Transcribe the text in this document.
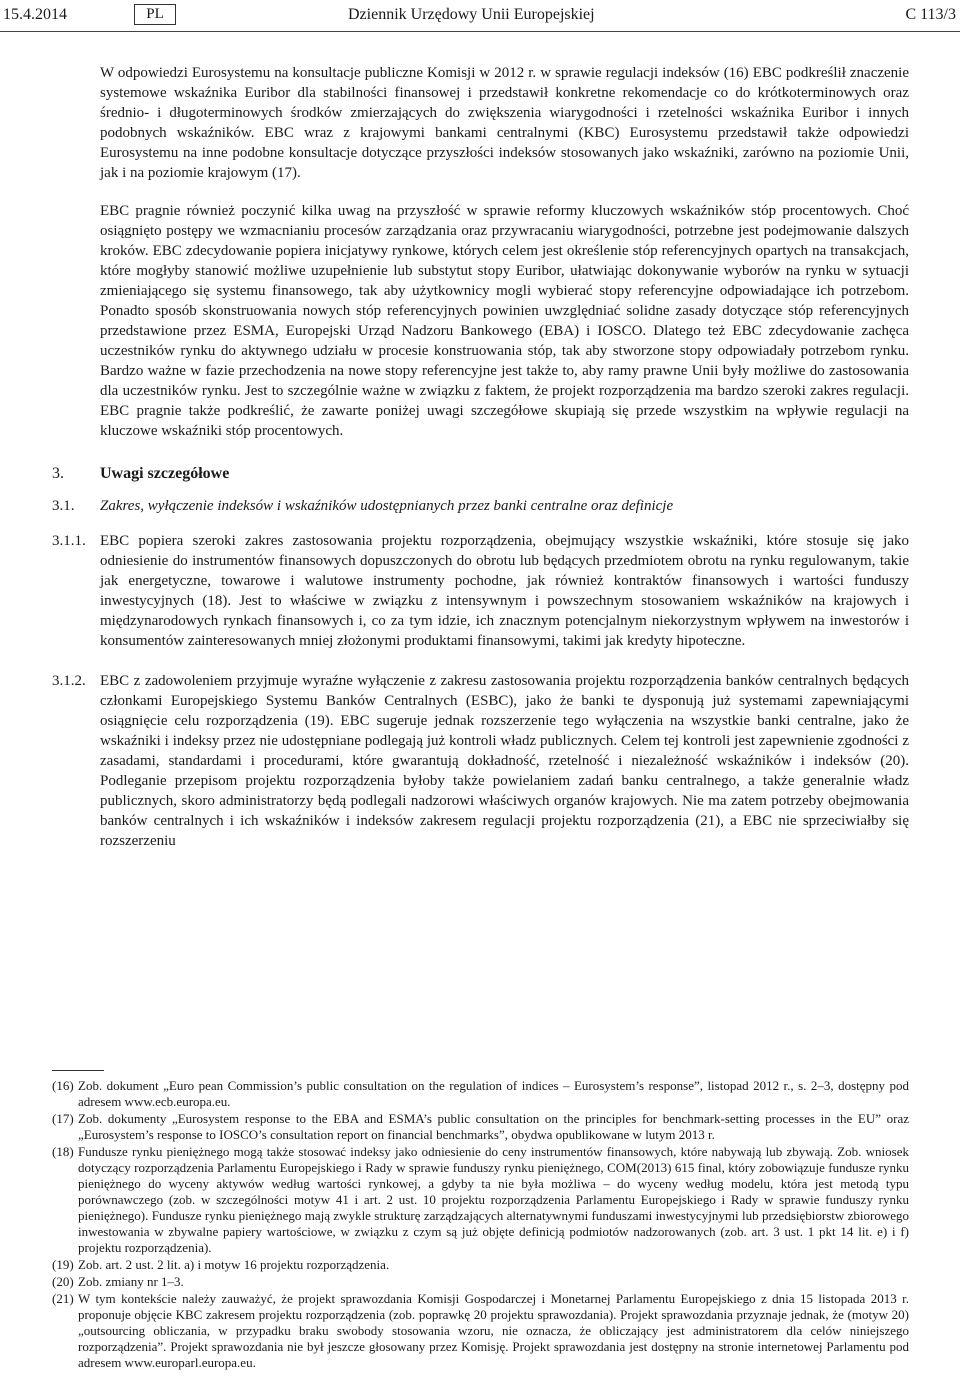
15.4.2014	PL	Dziennik Urzędowy Unii Europejskiej	C 113/3

W odpowiedzi Eurosystemu na konsultacje publiczne Komisji w 2012 r. w sprawie regulacji indeksów (16) EBC podkreślił znaczenie systemowe wskaźnika Euribor dla stabilności finansowej i przedstawił konkretne rekomendacje co do krótkoterminowych oraz średnio- i długoterminowych środków zmierzających do zwiększenia wiarygodności i rzetelności wskaźnika Euribor i innych podobnych wskaźników. EBC wraz z krajowymi bankami centralnymi (KBC) Eurosystemu przedstawił także odpowiedzi Eurosystemu na inne podobne konsultacje dotyczące przyszłości indeksów stosowanych jako wskaźniki, zarówno na poziomie Unii, jak i na poziomie krajowym (17).

EBC pragnie również poczynić kilka uwag na przyszłość w sprawie reformy kluczowych wskaźników stóp procentowych. Choć osiągnięto postępy we wzmacnianiu procesów zarządzania oraz przywracaniu wiarygodności, potrzebne jest podejmowanie dalszych kroków. EBC zdecydowanie popiera inicjatywy rynkowe, których celem jest określenie stóp referencyjnych opartych na transakcjach, które mogłyby stanowić możliwe uzupełnienie lub substytut stopy Euribor, ułatwiając dokonywanie wyborów na rynku w sytuacji zmieniającego się systemu finansowego, tak aby użytkownicy mogli wybierać stopy referencyjne odpowiadające ich potrzebom. Ponadto sposób skonstruowania nowych stóp referencyjnych powinien uwzględniać solidne zasady dotyczące stóp referencyjnych przedstawione przez ESMA, Europejski Urząd Nadzoru Bankowego (EBA) i IOSCO. Dlatego też EBC zdecydowanie zachęca uczestników rynku do aktywnego udziału w procesie konstruowania stóp, tak aby stworzone stopy odpowiadały potrzebom rynku. Bardzo ważne w fazie przechodzenia na nowe stopy referencyjne jest także to, aby ramy prawne Unii były możliwe do zastosowania dla uczestników rynku. Jest to szczególnie ważne w związku z faktem, że projekt rozporządzenia ma bardzo szeroki zakres regulacji. EBC pragnie także podkreślić, że zawarte poniżej uwagi szczegółowe skupiają się przede wszystkim na wpływie regulacji na kluczowe wskaźniki stóp procentowych.

3. Uwagi szczegółowe
3.1. Zakres, wyłączenie indeksów i wskaźników udostępnianych przez banki centralne oraz definicje
3.1.1. EBC popiera szeroki zakres zastosowania projektu rozporządzenia, obejmujący wszystkie wskaźniki, które stosuje się jako odniesienie do instrumentów finansowych dopuszczonych do obrotu lub będących przedmiotem obrotu na rynku regulowanym, takie jak energetyczne, towarowe i walutowe instrumenty pochodne, jak również kontraktów finansowych i wartości funduszy inwestycyjnych (18). Jest to właściwe w związku z intensywnym i powszechnym stosowaniem wskaźników na krajowych i międzynarodowych rynkach finansowych i, co za tym idzie, ich znacznym potencjalnym niekorzystnym wpływem na inwestorów i konsumentów zainteresowanych mniej złożonymi produktami finansowymi, takimi jak kredyty hipoteczne.
3.1.2. EBC z zadowoleniem przyjmuje wyraźne wyłączenie z zakresu zastosowania projektu rozporządzenia banków centralnych będących członkami Europejskiego Systemu Banków Centralnych (ESBC), jako że banki te dysponują już systemami zapewniającymi osiągnięcie celu rozporządzenia (19). EBC sugeruje jednak rozszerzenie tego wyłączenia na wszystkie banki centralne, jako że wskaźniki i indeksy przez nie udostępniane podlegają już kontroli władz publicznych. Celem tej kontroli jest zapewnienie zgodności z zasadami, standardami i procedurami, które gwarantują dokładność, rzetelność i niezależność wskaźników i indeksów (20). Podleganie przepisom projektu rozporządzenia byłoby także powielaniem zadań banku centralnego, a także generalnie władz publicznych, skoro administratorzy będą podlegali nadzorowi właściwych organów krajowych. Nie ma zatem potrzeby obejmowania banków centralnych i ich wskaźników i indeksów zakresem regulacji projektu rozporządzenia (21), a EBC nie sprzeciwiałby się rozszerzeniu
(16) Zob. dokument „Euro pean Commission’s public consultation on the regulation of indices – Eurosystem’s response”, listopad 2012 r., s. 2–3, dostępny pod adresem www.ecb.europa.eu.
(17) Zob. dokumenty „Eurosystem response to the EBA and ESMA’s public consultation on the principles for benchmark-setting processes in the EU” oraz „Eurosystem’s response to IOSCO’s consultation report on financial benchmarks”, obydwa opublikowane w lutym 2013 r.
(18) Fundusze rynku pieniężnego mogą także stosować indeksy jako odniesienie do ceny instrumentów finansowych, które nabywają lub zbywają. Zob. wniosek dotyczący rozporządzenia Parlamentu Europejskiego i Rady w sprawie funduszy rynku pieniężnego, COM(2013) 615 final, który zobowiązuje fundusze rynku pieniężnego do wyceny aktywów według wartości rynkowej, a gdyby ta nie była możliwa – do wyceny według modelu, która jest metodą typu porównawczego (zob. w szczególności motyw 41 i art. 2 ust. 10 projektu rozporządzenia Parlamentu Europejskiego i Rady w sprawie funduszy rynku pieniężnego). Fundusze rynku pieniężnego mają zwykle strukturę zarządzających alternatywnymi funduszami inwestycyjnymi lub przedsiębiorstw zbiorowego inwestowania w zbywalne papiery wartościowe, w związku z czym są już objęte definicją podmiotów nadzorowanych (zob. art. 3 ust. 1 pkt 14 lit. e) i f) projektu rozporządzenia).
(19) Zob. art. 2 ust. 2 lit. a) i motyw 16 projektu rozporządzenia.
(20) Zob. zmiany nr 1–3.
(21) W tym kontekście należy zauważyć, że projekt sprawozdania Komisji Gospodarczej i Monetarnej Parlamentu Europejskiego z dnia 15 listopada 2013 r. proponuje objęcie KBC zakresem projektu rozporządzenia (zob. poprawkę 20 projektu sprawozdania). Projekt sprawozdania przyznaje jednak, że (motyw 20) „outsourcing obliczania, w przypadku braku swobody stosowania wzoru, nie oznacza, że obliczający jest administratorem dla celów niniejszego rozporządzenia”. Projekt sprawozdania nie był jeszcze głosowany przez Komisję. Projekt sprawozdania jest dostępny na stronie internetowej Parlamentu pod adresem www.europarl.europa.eu.
